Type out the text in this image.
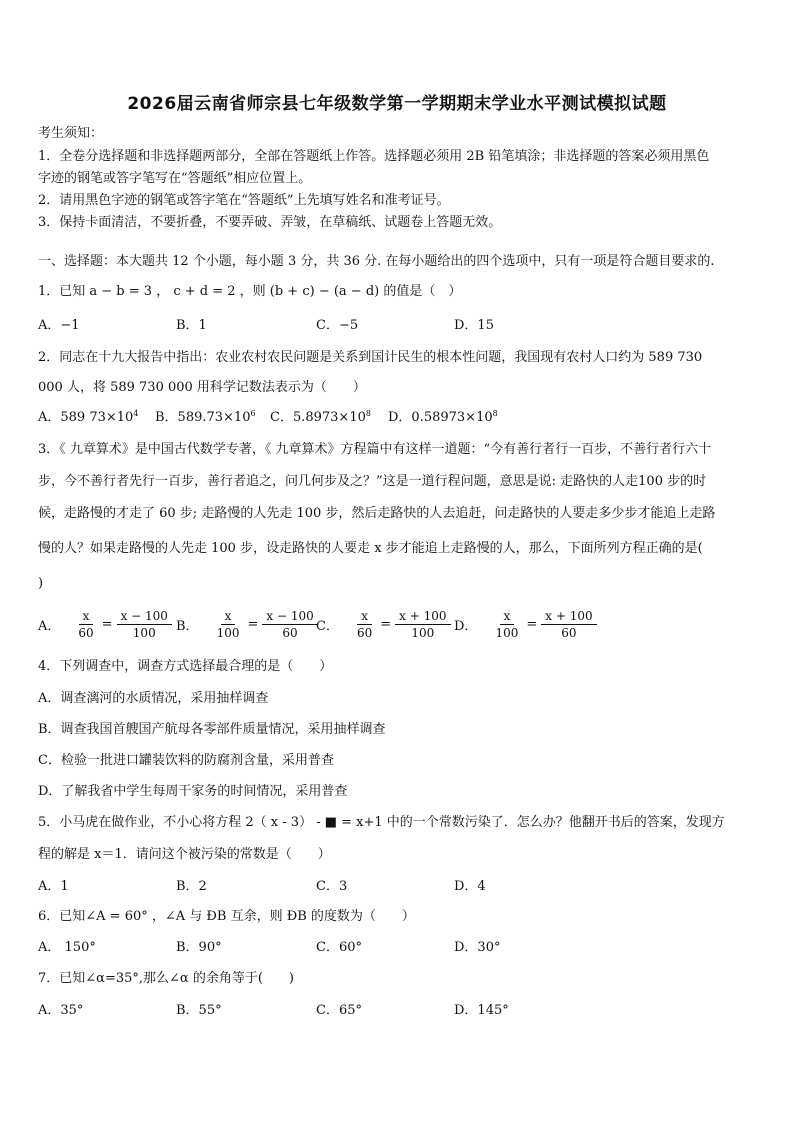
2026届云南省师宗县七年级数学第一学期期末学业水平测试模拟试题
考生须知：
1．全卷分选择题和非选择题两部分，全部在答题纸上作答。选择题必须用 2B 铅笔填涂；非选择题的答案必须用黑色
字迹的钢笔或答字笔写在“答题纸”相应位置上。
2．请用黑色字迹的钢笔或答字笔在“答题纸”上先填写姓名和准考证号。
3．保持卡面清洁，不要折叠，不要弄破、弄皱，在草稿纸、试题卷上答题无效。
一、选择题：本大题共 12 个小题，每小题 3 分，共 36 分. 在每小题给出的四个选项中，只有一项是符合题目要求的.
1．已知 a − b = 3 ， c + d = 2 ，则 (b + c) − (a − d) 的值是（　）
A．−1	B．1	C．−5	D．15
2．同志在十九大报告中指出：农业农村农民问题是关系到国计民生的根本性问题，我国现有农村人口约为 589 730
000 人，将 589 730 000 用科学记数法表示为（　　）
A．589 $73\times 10^4$ B．$589.73\times 10^6$ C．$5.8973\times 10^8$ D．$0.58973\times 10^8$
3．《 九章算术》是中国古代数学专著，《 九章算术》方程篇中有这样一道题：“今有善行者行一百步，不善行者行六十
步，今不善行者先行一百步，善行者追之，问几何步及之？”这是一道行程问题，意思是说: 走路快的人走100 步的时
候，走路慢的才走了 60 步; 走路慢的人先走 100 步，然后走路快的人去追赶，问走路快的人要走多少步才能追上走路
慢的人？如果走路慢的人先走 100 步，设走路快的人要走 x 步才能追上走路慢的人，那么，下面所列方程正确的是(
)
A． $\frac{x}{60} = \frac{x - 100}{100}$ B． $\frac{x}{100} = \frac{x - 100}{60}$
C． $\frac{x}{60} = \frac{x + 100}{100}$ D． $\frac{x}{100} = \frac{x + 100}{60}$
4．下列调查中，调查方式选择最合理的是（　　）
A．调查漓河的水质情况，采用抽样调查
B．调查我国首艘国产航母各零部件质量情况，采用抽样调查
C．检验一批进口罐装饮料的防腐剂含量，采用普查
D．了解我省中学生每周干家务的时间情况，采用普查
5．小马虎在做作业，不小心将方程 2（ x - 3） - ■ = x+1 中的一个常数污染了．怎么办？他翻开书后的答案，发现方
程的解是 x＝1．请问这个被污染的常数是（　　）
A．1	B．2	C．3	D．4
6．已知∠A = 60° ，∠A 与 ÐB 互余，则 ÐB 的度数为（　　）
A． 150°	B．90°	C．60°	D．30°
7．已知∠α=35°,那么∠α 的余角等于(　　)
A．35°	B．55°	C．65°	D．145°
